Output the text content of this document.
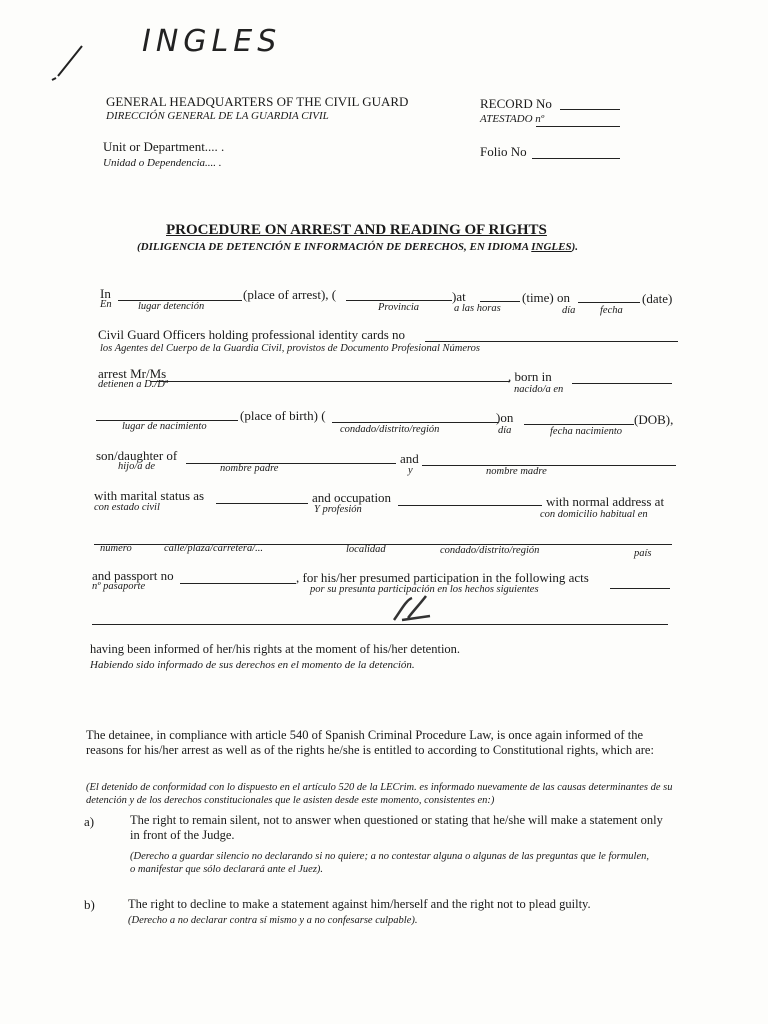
INGLES
GENERAL HEADQUARTERS OF THE CIVIL GUARD
DIRECCIÓN GENERAL DE LA GUARDIA CIVIL
RECORD No
ATESTADO nº
Unit or Department.... .
Unidad o Dependencia.... .
Folio No
PROCEDURE ON ARREST AND READING OF RIGHTS
(DILIGENCIA DE DETENCIÓN E INFORMACIÓN DE DERECHOS, EN IDIOMA INGLES).
In	(place of arrest), (	)at	(time) on	(date)
En	lugar detención	Provincia	a las horas	día fecha
Civil Guard Officers holding professional identity cards no
los Agentes del Cuerpo de la Guardia Civil, provistos de Documento Profesional Números
arrest Mr/Ms	, born in
detienen a D./Dª	nacido/a en
(place of birth) (	)on	(DOB),
lugar de nacimiento	condado/distrito/región	día	fecha nacimiento
son/daughter of	and
hijo/a de	nombre padre	y	nombre madre
with marital status as	and occupation	with normal address at
con estado civil	Y profesión	con domicilio habitual en
número	calle/plaza/carretera/...	localidad	condado/distrito/región	país
and passport no	, for his/her presumed participation in the following acts
nº pasaporte	por su presunta participación en los hechos siguientes
having been informed of her/his rights at the moment of his/her detention.
Habiendo sido informado de sus derechos en el momento de la detención.
The detainee, in compliance with article 540 of Spanish Criminal Procedure Law, is once again informed of the reasons for his/her arrest as well as of the rights he/she is entitled to according to Constitutional rights, which are:
(El detenido de conformidad con lo dispuesto en el artículo 520 de la LECrim. es informado nuevamente de las causas determinantes de su detención y de los derechos constitucionales que le asisten desde este momento, consistentes en:)
a)	The right to remain silent, not to answer when questioned or stating that he/she will make a statement only in front of the Judge.
(Derecho a guardar silencio no declarando si no quiere; a no contestar alguna o algunas de las preguntas que le formulen, o manifestar que sólo declarará ante el Juez).
b)	The right to decline to make a statement against him/herself and the right not to plead guilty.
(Derecho a no declarar contra sí mismo y a no confesarse culpable).
